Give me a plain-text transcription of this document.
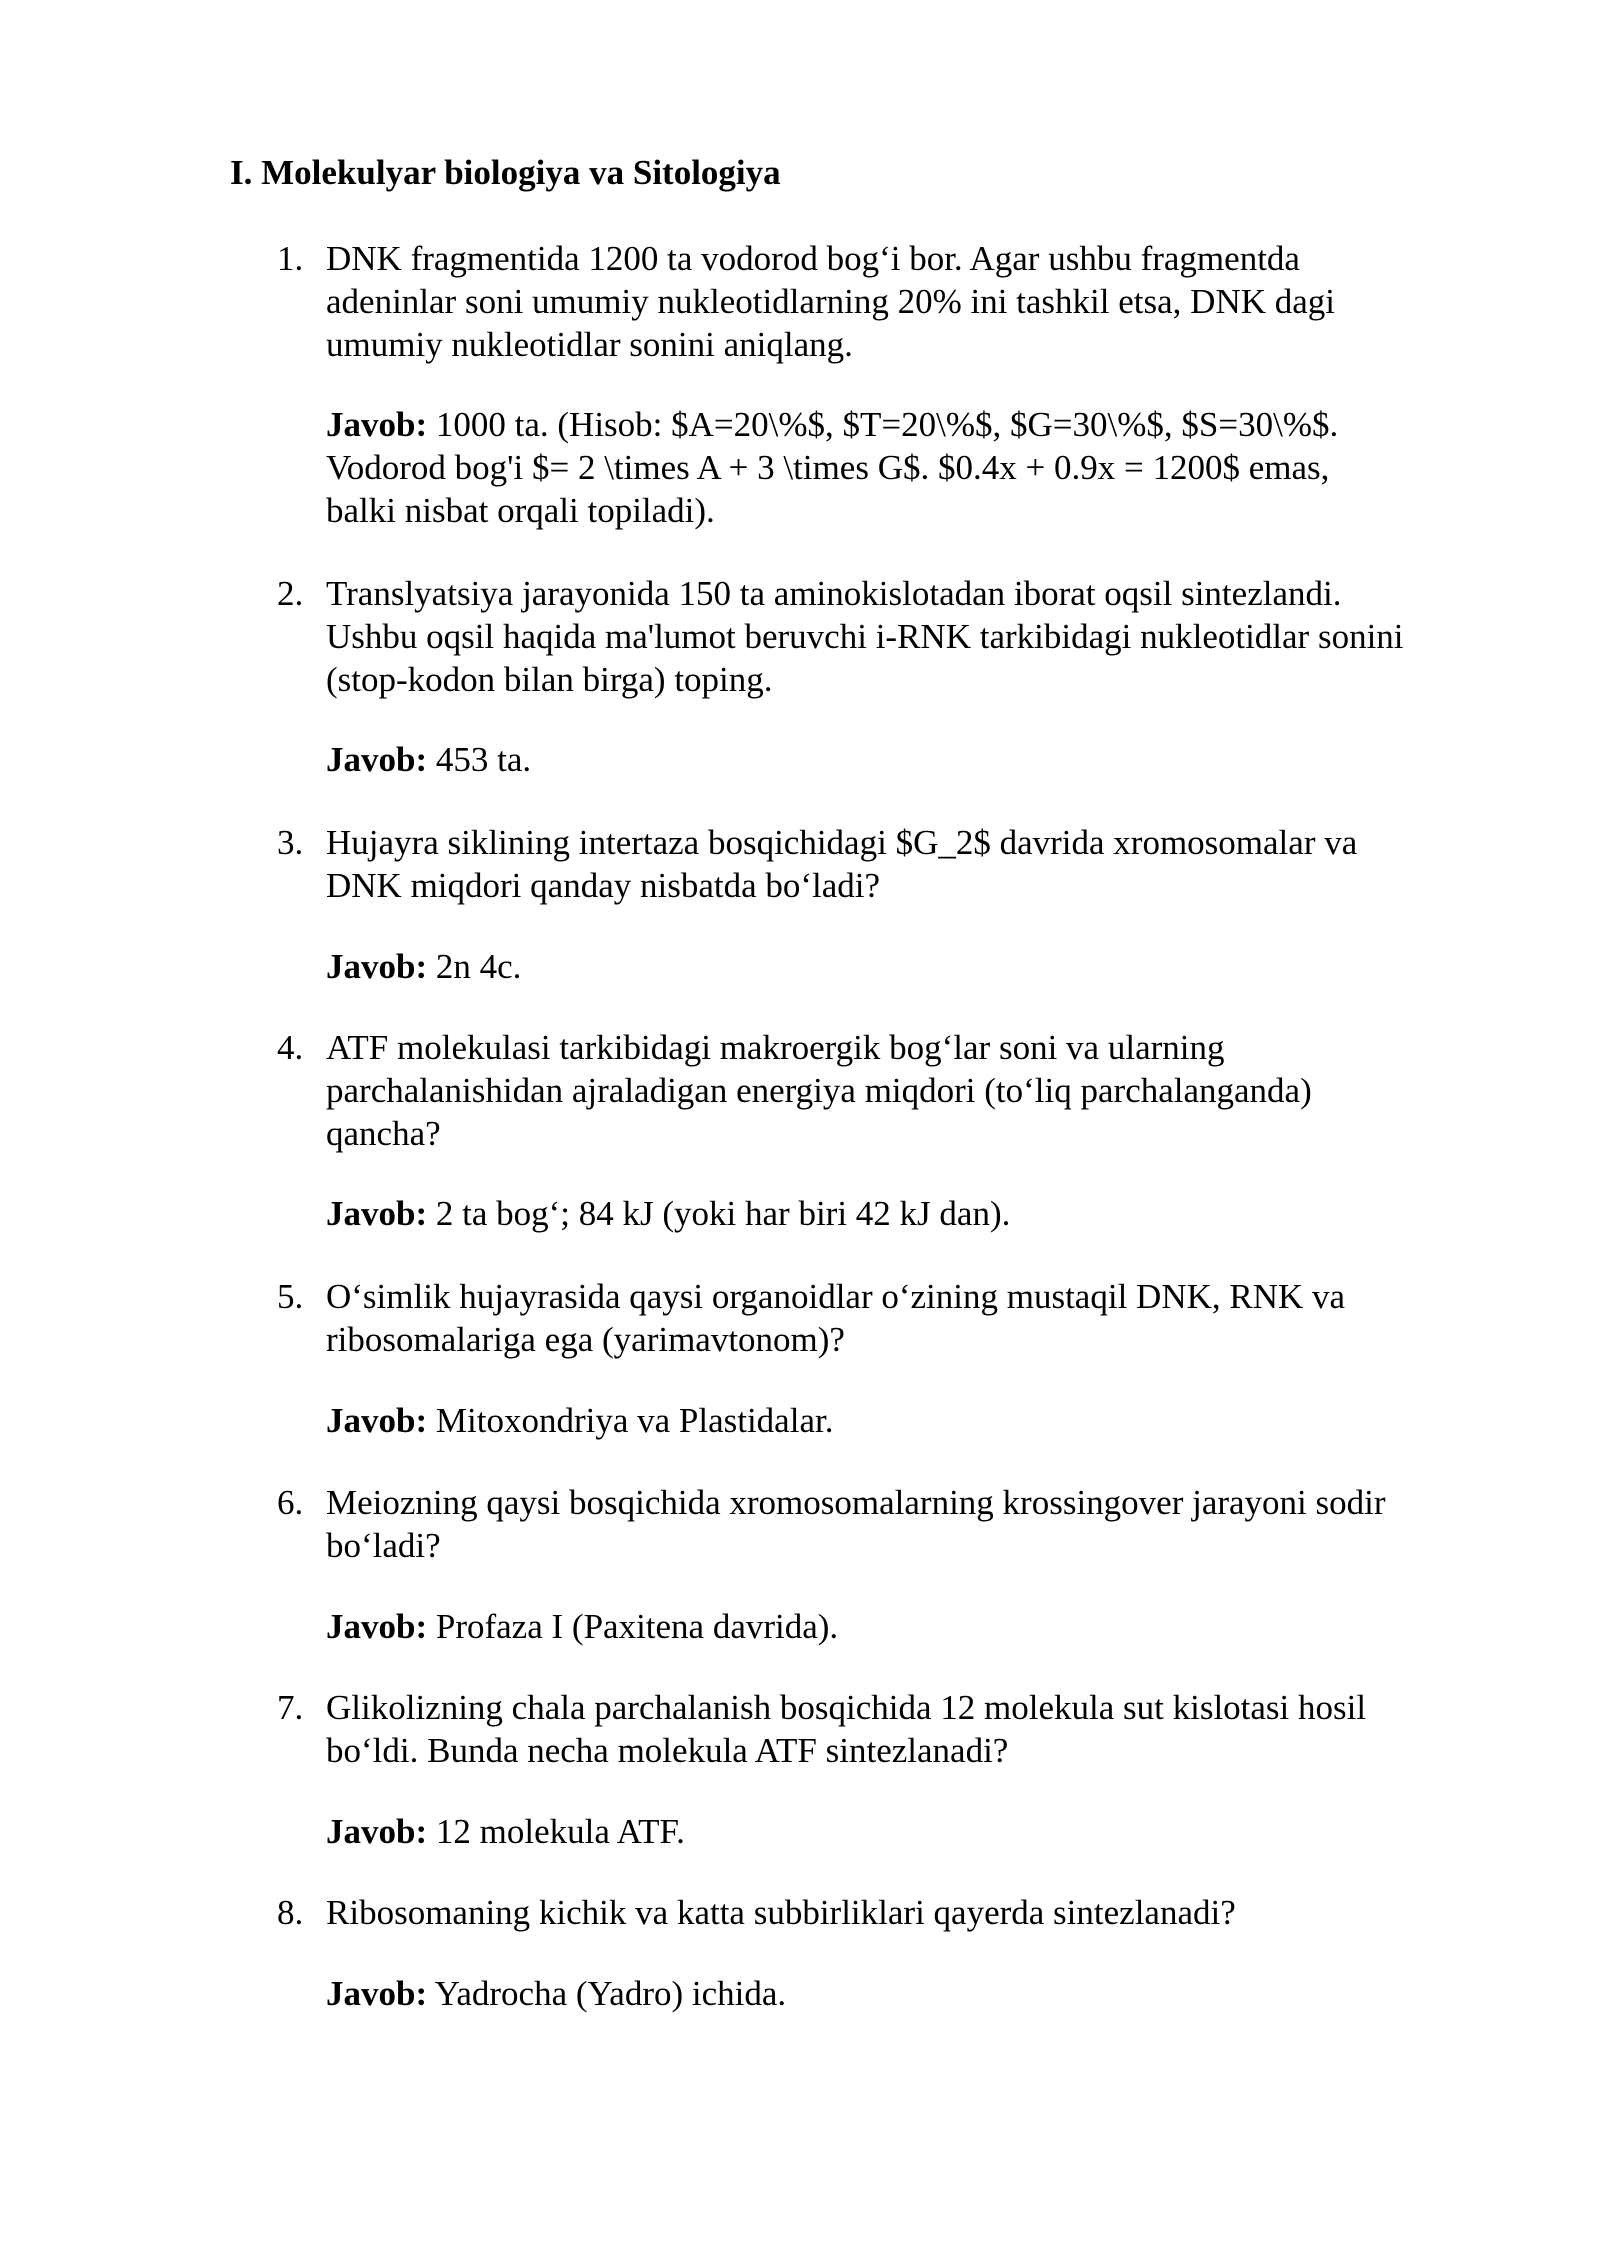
I. Molekulyar biologiya va Sitologiya
1. DNK fragmentida 1200 ta vodorod bog‘i bor. Agar ushbu fragmentda
adeninlar soni umumiy nukleotidlarning 20% ini tashkil etsa, DNK dagi
umumiy nukleotidlar sonini aniqlang.

Javob: 1000 ta. (Hisob: $A=20\%$, $T=20\%$, $G=30\%$, $S=30\%$.
Vodorod bog'i $= 2 \times A + 3 \times G$. $0.4x + 0.9x = 1200$ emas,
balki nisbat orqali topiladi).

2. Translyatsiya jarayonida 150 ta aminokislotadan iborat oqsil sintezlandi.
Ushbu oqsil haqida ma'lumot beruvchi i-RNK tarkibidagi nukleotidlar sonini
(stop-kodon bilan birga) toping.

Javob: 453 ta.

3. Hujayra siklining intertaza bosqichidagi $G_2$ davrida xromosomalar va
DNK miqdori qanday nisbatda bo‘ladi?

Javob: 2n 4c.

4. ATF molekulasi tarkibidagi makroergik bog‘lar soni va ularning
parchalanishidan ajraladigan energiya miqdori (to‘liq parchalanganda)
qancha?

Javob: 2 ta bog‘; 84 kJ (yoki har biri 42 kJ dan).

5. O‘simlik hujayrasida qaysi organoidlar o‘zining mustaqil DNK, RNK va
ribosomalariga ega (yarimavtonom)?

Javob: Mitoxondriya va Plastidalar.

6. Meiozning qaysi bosqichida xromosomalarning krossingover jarayoni sodir
bo‘ladi?

Javob: Profaza I (Paxitena davrida).

7. Glikolizning chala parchalanish bosqichida 12 molekula sut kislotasi hosil
bo‘ldi. Bunda necha molekula ATF sintezlanadi?

Javob: 12 molekula ATF.

8. Ribosomaning kichik va katta subbirliklari qayerda sintezlanadi?

Javob: Yadrocha (Yadro) ichida.
